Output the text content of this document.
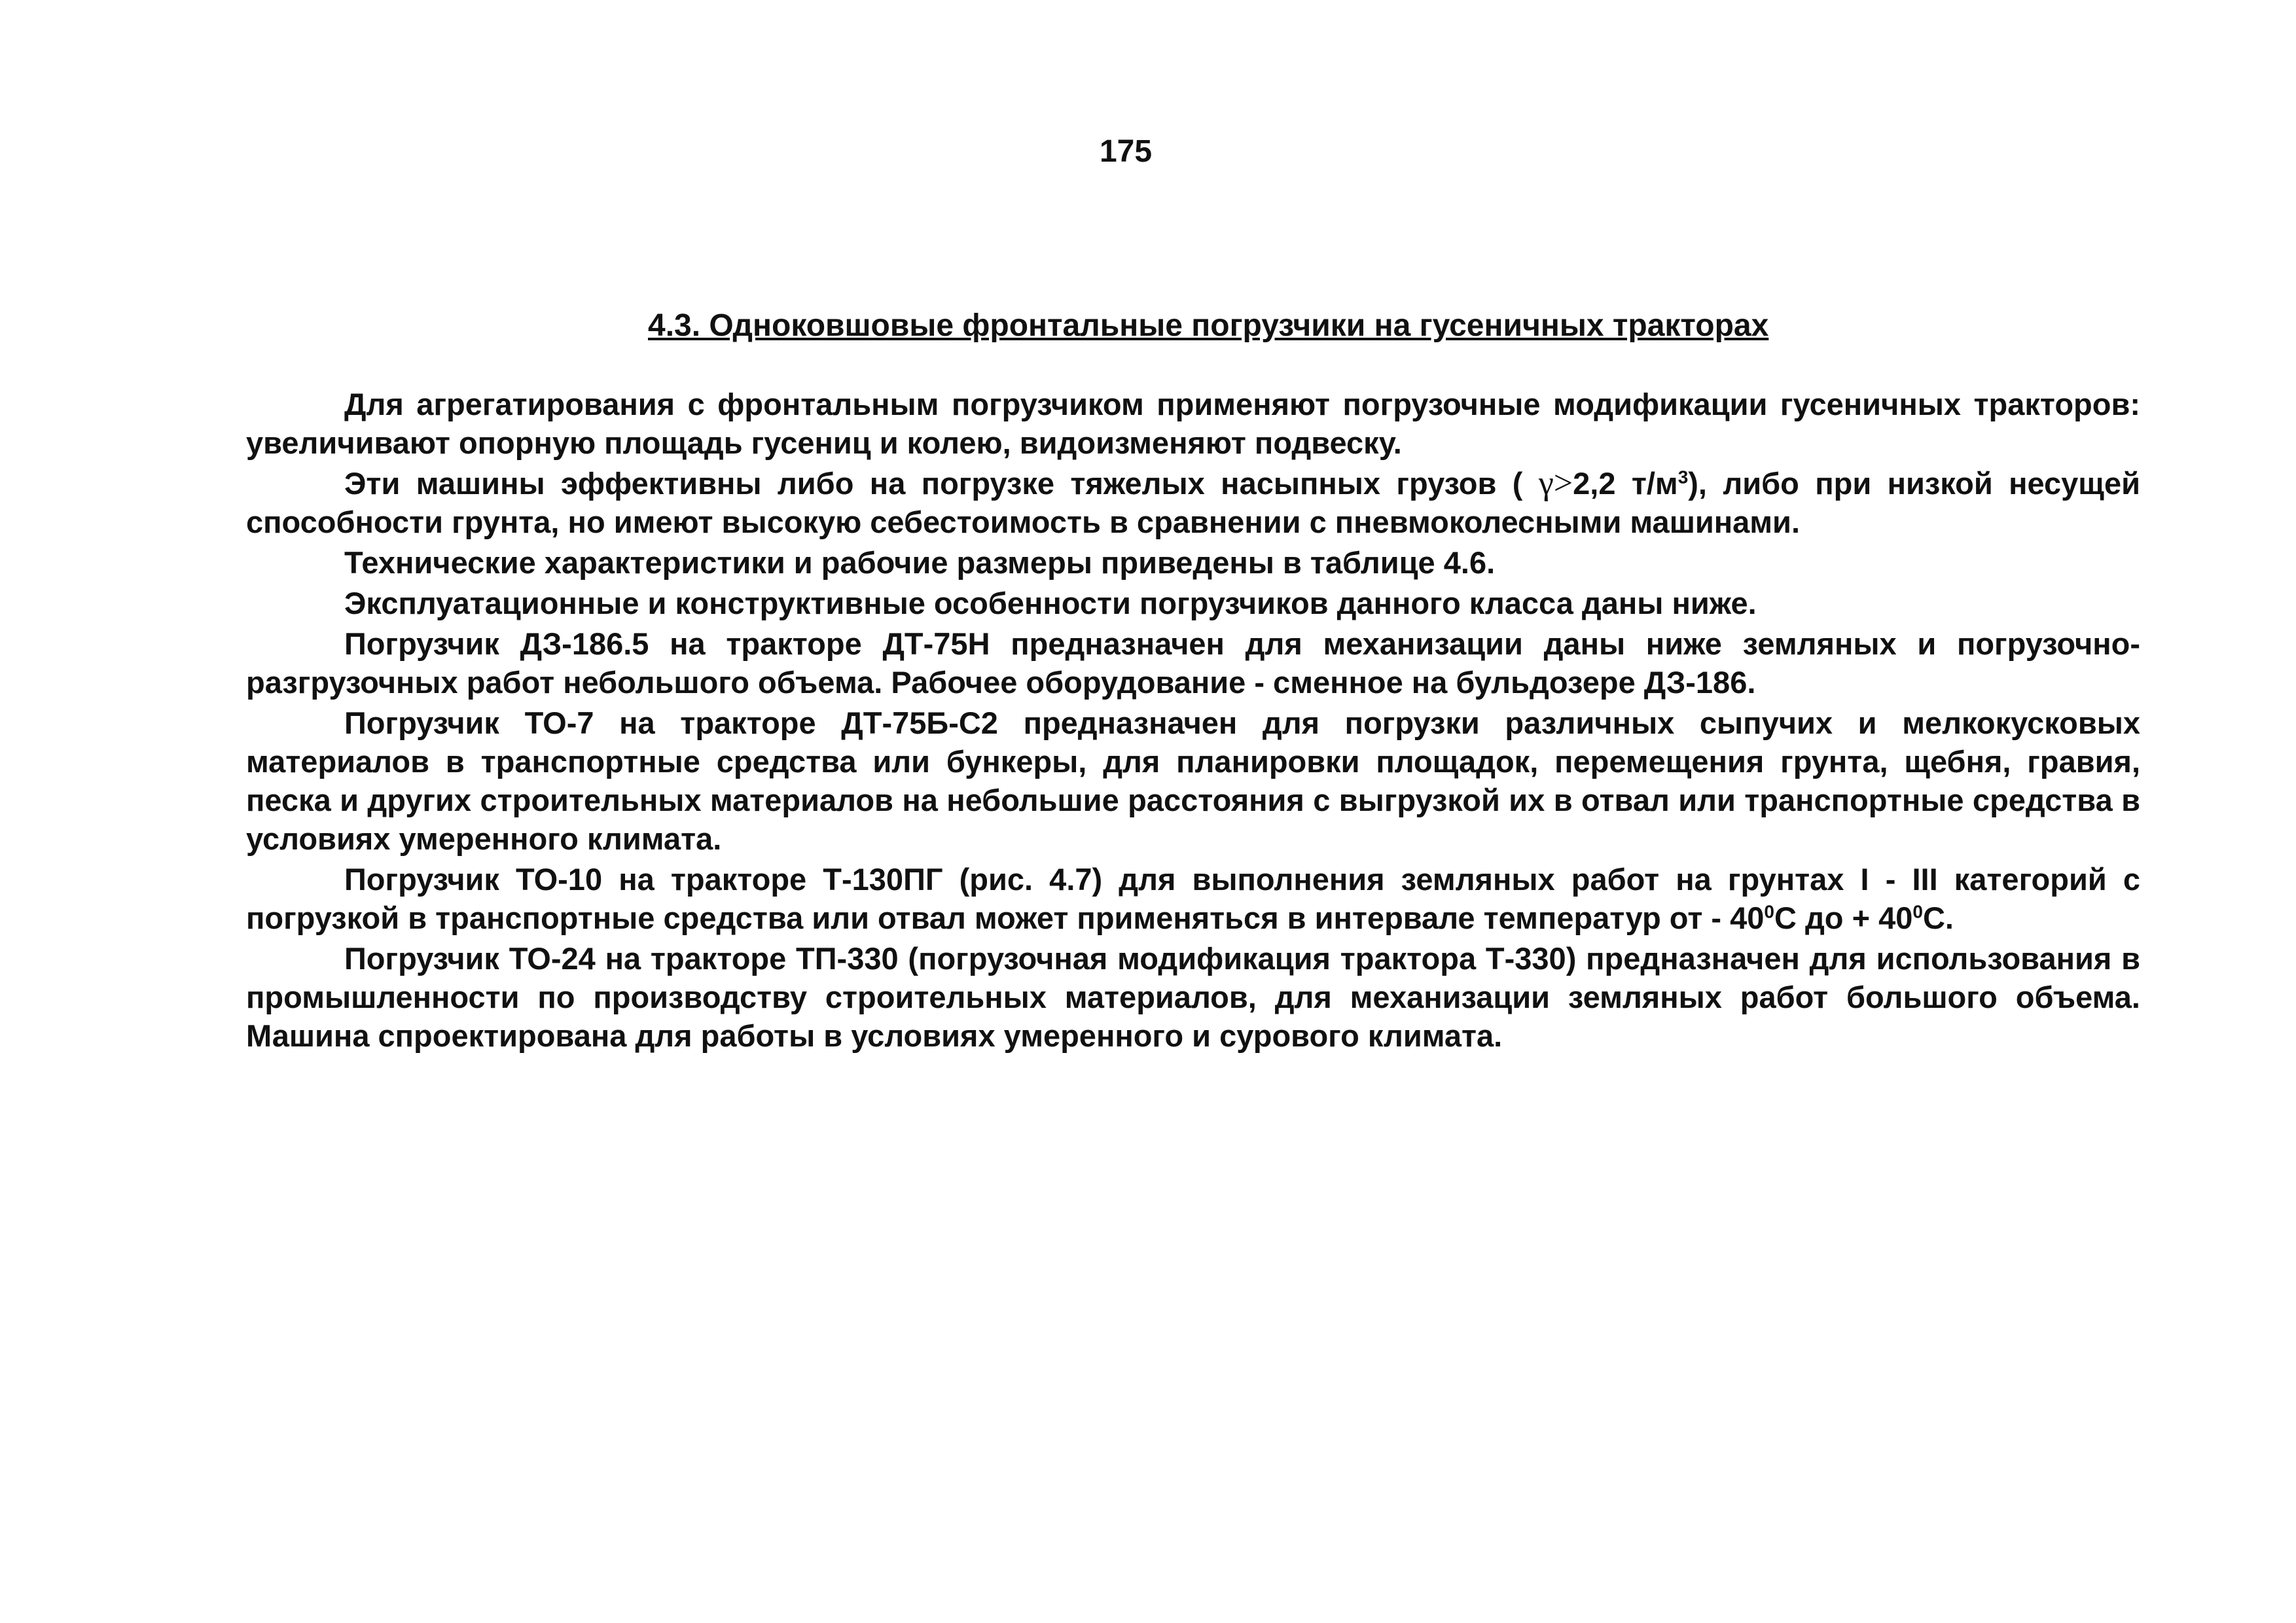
175
4.3. Одноковшовые фронтальные погрузчики на гусеничных тракторах

Для агрегатирования с фронтальным погрузчиком применяют погрузочные модификации гусеничных тракторов: увеличивают опорную площадь гусениц и колею, видоизменяют подвеску.

Эти машины эффективны либо на погрузке тяжелых насыпных грузов ( γ>2,2 $т/м^3$), либо при низкой несущей способности грунта, но имеют высокую себестоимость в сравнении с пневмоколесными машинами.

Технические характеристики и рабочие размеры приведены в таблице 4.6.

Эксплуатационные и конструктивные особенности погрузчиков данного класса даны ниже.

Погрузчик ДЗ-186.5 на тракторе ДТ-75Н предназначен для механизации даны ниже земляных и погрузочно-разгрузочных работ небольшого объема. Рабочее оборудование - сменное на бульдозере ДЗ-186.

Погрузчик ТО-7 на тракторе ДТ-75Б-С2 предназначен для погрузки различных сыпучих и мелкокусковых материалов в транспортные средства или бункеры, для планировки площадок, перемещения грунта, щебня, гравия, песка и других строительных материалов на небольшие расстояния с выгрузкой их в отвал или транспортные средства в условиях умеренного климата.

Погрузчик ТО-10 на тракторе Т-130ПГ (рис. 4.7) для выполнения земляных работ на грунтах I - III категорий с погрузкой в транспортные средства или отвал может применяться в интервале температур от - $40^0С$ до + $40^0С$.

Погрузчик ТО-24 на тракторе ТП-330 (погрузочная модификация трактора Т-330) предназначен для использования в промышленности по производству строительных материалов, для механизации земляных работ большого объема. Машина спроектирована для работы в условиях умеренного и сурового климата.
